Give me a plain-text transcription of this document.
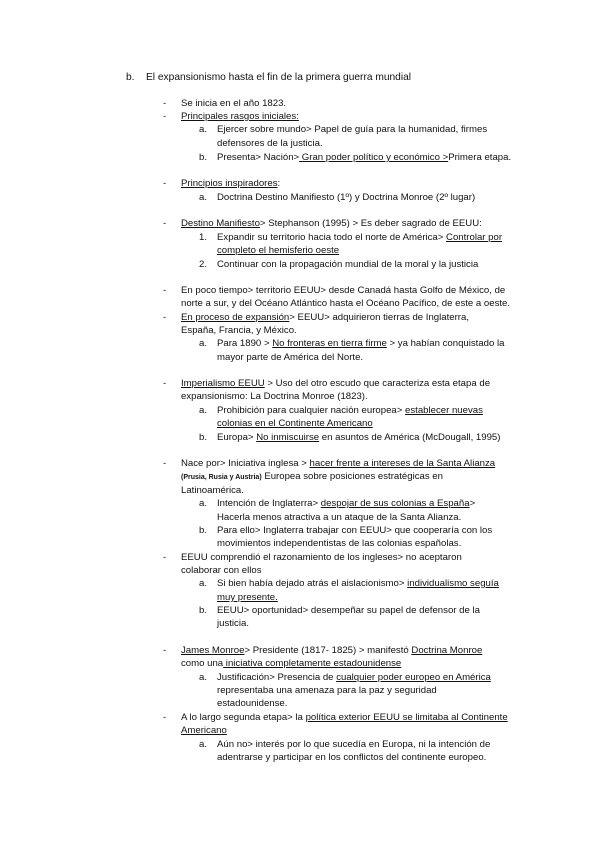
b. El expansionismo hasta el fin de la primera guerra mundial
- Se inicia en el año 1823.
- Principales rasgos iniciales:
a. Ejercer sobre mundo> Papel de guía para la humanidad, firmes
defensores de la justicia.
b. Presenta> Nación> Gran poder político y económico >Primera etapa.
- Principios inspiradores:
a. Doctrina Destino Manifiesto (1º) y Doctrina Monroe (2º lugar)
- Destino Manifiesto> Stephanson (1995) > Es deber sagrado de EEUU:
1. Expandir su territorio hacia todo el norte de América> Controlar por
completo el hemisferio oeste
2. Continuar con la propagación mundial de la moral y la justicia
- En poco tiempo> territorio EEUU> desde Canadá hasta Golfo de México, de
norte a sur, y del Océano Atlántico hasta el Océano Pacífico, de este a oeste.
- En proceso de expansión> EEUU> adquirieron tierras de Inglaterra,
España, Francia, y México.
a. Para 1890 > No fronteras en tierra firme > ya habían conquistado la
mayor parte de América del Norte.
- Imperialismo EEUU > Uso del otro escudo que caracteriza esta etapa de
expansionismo: La Doctrina Monroe (1823).
a. Prohibición para cualquier nación europea> establecer nuevas
colonias en el Continente Americano
b. Europa> No inmiscuirse en asuntos de América (McDougall, 1995)
- Nace por> Iniciativa inglesa > hacer frente a intereses de la Santa Alianza
(Prusia, Rusia y Austria) Europea sobre posiciones estratégicas en
Latinoamérica.
a. Intención de Inglaterra> despojar de sus colonias a España>
Hacerla menos atractiva a un ataque de la Santa Alianza.
b. Para ello> Inglaterra trabajar con EEUU> que cooperaría con los
movimientos independentistas de las colonias españolas.
- EEUU comprendió el razonamiento de los ingleses> no aceptaron
colaborar con ellos
a. Si bien había dejado atrás el aislacionismo> individualismo seguía
muy presente.
b. EEUU> oportunidad> desempeñar su papel de defensor de la
justicia.
- James Monroe> Presidente (1817- 1825) > manifestó Doctrina Monroe
como una iniciativa completamente estadounidense
a. Justificación> Presencia de cualquier poder europeo en América
representaba una amenaza para la paz y seguridad
estadounidense.
- A lo largo segunda etapa> la política exterior EEUU se limitaba al Continente
Americano
a. Aún no> interés por lo que sucedía en Europa, ni la intención de
adentrarse y participar en los conflictos del continente europeo.
